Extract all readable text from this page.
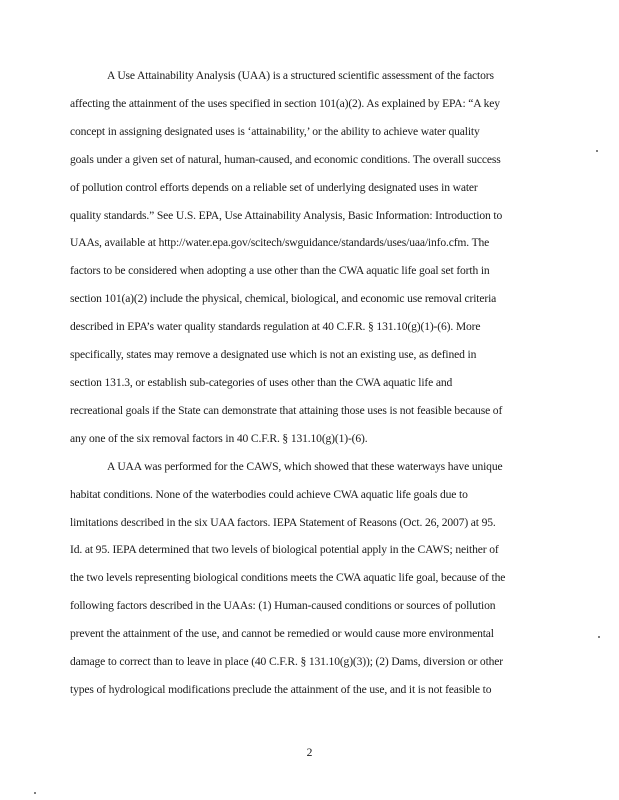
A Use Attainability Analysis (UAA) is a structured scientific assessment of the factors
affecting the attainment of the uses specified in section 101(a)(2). As explained by EPA: “A key
concept in assigning designated uses is ‘attainability,’ or the ability to achieve water quality
goals under a given set of natural, human-caused, and economic conditions. The overall success
of pollution control efforts depends on a reliable set of underlying designated uses in water
quality standards.” See U.S. EPA, Use Attainability Analysis, Basic Information: Introduction to
UAAs, available at http://water.epa.gov/scitech/swguidance/standards/uses/uaa/info.cfm. The
factors to be considered when adopting a use other than the CWA aquatic life goal set forth in
section 101(a)(2) include the physical, chemical, biological, and economic use removal criteria
described in EPA’s water quality standards regulation at 40 C.F.R. § 131.10(g)(1)-(6). More
specifically, states may remove a designated use which is not an existing use, as defined in
section 131.3, or establish sub-categories of uses other than the CWA aquatic life and
recreational goals if the State can demonstrate that attaining those uses is not feasible because of
any one of the six removal factors in 40 C.F.R. § 131.10(g)(1)-(6).
A UAA was performed for the CAWS, which showed that these waterways have unique
habitat conditions. None of the waterbodies could achieve CWA aquatic life goals due to
limitations described in the six UAA factors. IEPA Statement of Reasons (Oct. 26, 2007) at 95.
Id. at 95. IEPA determined that two levels of biological potential apply in the CAWS; neither of
the two levels representing biological conditions meets the CWA aquatic life goal, because of the
following factors described in the UAAs: (1) Human-caused conditions or sources of pollution
prevent the attainment of the use, and cannot be remedied or would cause more environmental
damage to correct than to leave in place (40 C.F.R. § 131.10(g)(3)); (2) Dams, diversion or other
types of hydrological modifications preclude the attainment of the use, and it is not feasible to
2
